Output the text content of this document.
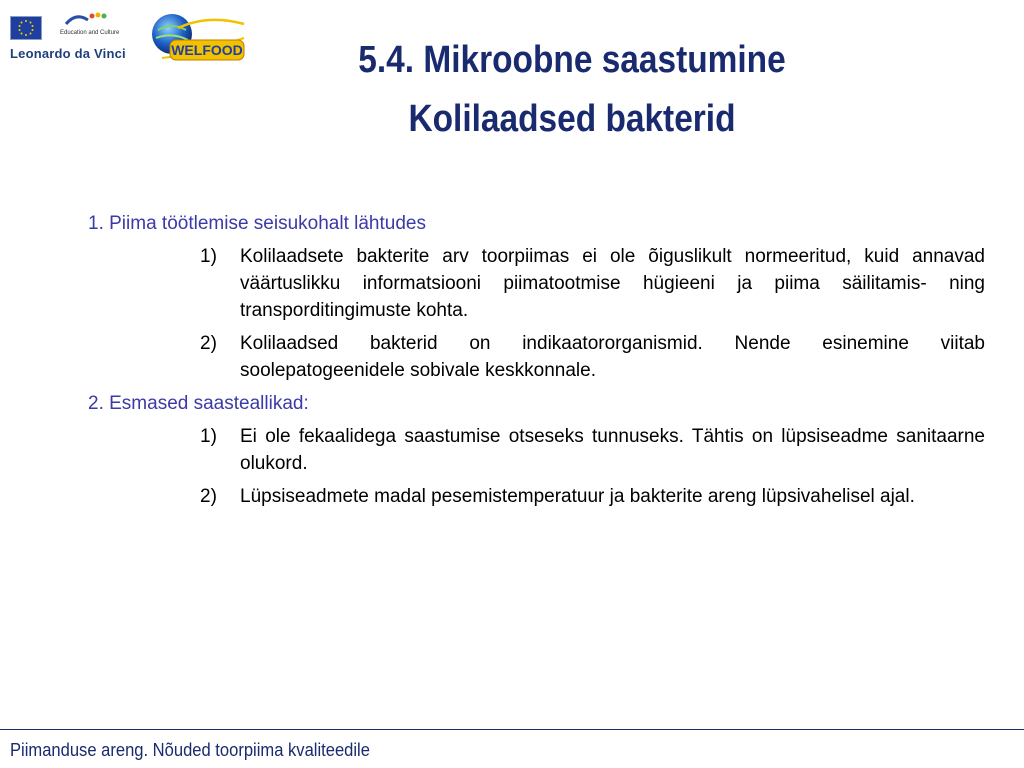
Education and Culture
Leonardo da Vinci	WELFOOD	5.4. Mikroobne saastumine
Kolilaadsed bakterid
1. Piima töötlemise seisukohalt lähtudes
1)	Kolilaadsete bakterite arv toorpiimas ei ole õiguslikult normeeritud, kuid annavad väärtuslikku informatsiooni piimatootmise hügieeni ja piima säilitamis- ning transporditingimuste kohta.
2)	Kolilaadsed bakterid on indikaatororganismid. Nende esinemine viitab soolepatogeenidele sobivale keskkonnale.
2. Esmased saasteallikad:
1)	Ei ole fekaalidega saastumise otseseks tunnuseks. Tähtis on lüpsiseadme sanitaarne olukord.
2)	Lüpsiseadmete madal pesemistemperatuur ja bakterite areng lüpsivahelisel ajal.
Piimanduse areng. Nõuded toorpiima kvaliteedile
